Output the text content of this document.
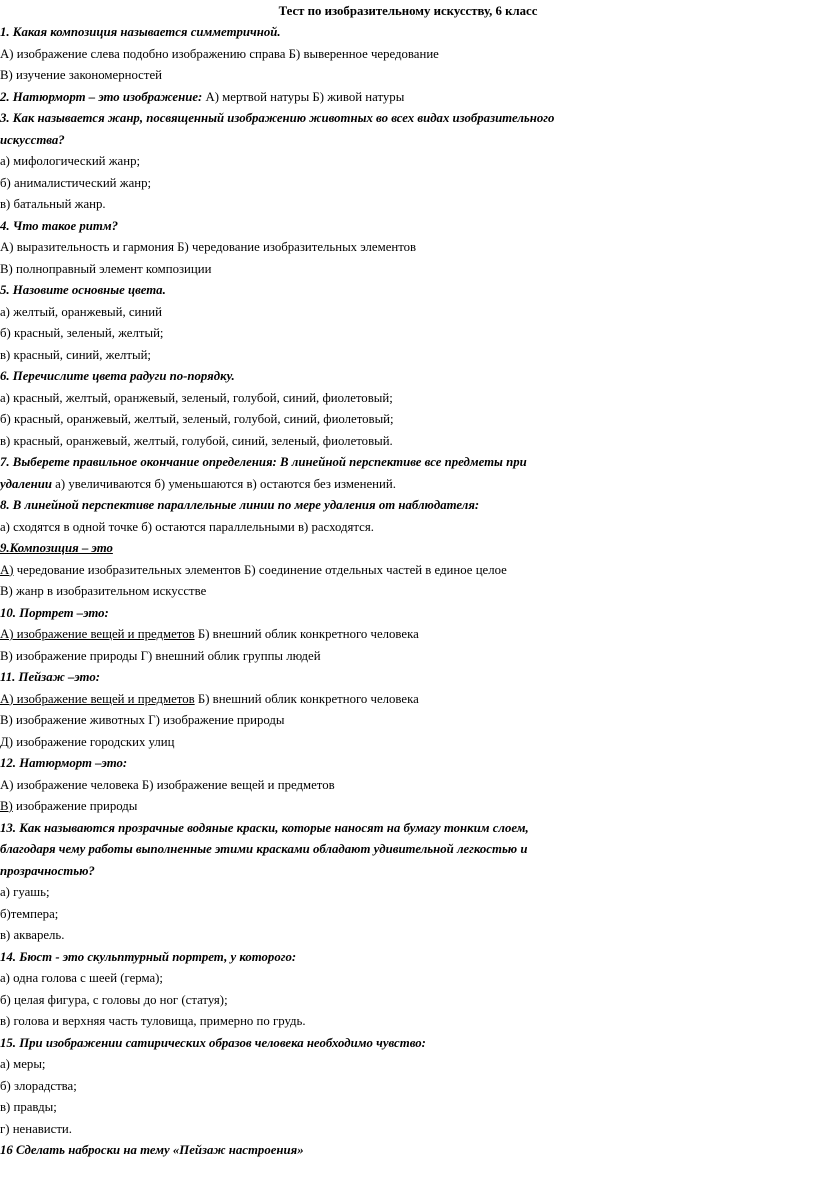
Тест по изобразительному искусству, 6 класс
1. Какая композиция называется симметричной.
А) изображение слева подобно изображению справа Б) выверенное чередование
В) изучение закономерностей
2. Натюрморт – это изображение: А) мертвой натуры Б) живой натуры
3. Как называется жанр, посвященный изображению животных во всех видах изобразительного
искусства?
а) мифологический жанр;
б) анималистический жанр;
в) батальный жанр.
4. Что такое ритм?
А) выразительность и гармония Б) чередование изобразительных элементов
В) полноправный элемент композиции
5. Назовите основные цвета.
а) желтый, оранжевый, синий
б) красный, зеленый, желтый;
в) красный, синий, желтый;
6. Перечислите цвета радуги по-порядку.
а) красный, желтый, оранжевый, зеленый, голубой, синий, фиолетовый;
б) красный, оранжевый, желтый, зеленый, голубой, синий, фиолетовый;
в) красный, оранжевый, желтый, голубой, синий, зеленый, фиолетовый.
7. Выберете правильное окончание определения: В линейной перспективе все предметы при
удалении а) увеличиваются б) уменьшаются в) остаются без изменений.
8. В линейной перспективе параллельные линии по мере удаления от наблюдателя:
а) сходятся в одной точке б) остаются параллельными в) расходятся.
9.Композиция – это
А) чередование изобразительных элементов Б) соединение отдельных частей в единое целое
В) жанр в изобразительном искусстве
10. Портрет –это:
А) изображение вещей и предметов Б) внешний облик конкретного человека
В) изображение природы Г) внешний облик группы людей
11. Пейзаж –это:
А) изображение вещей и предметов Б) внешний облик конкретного человека
В) изображение животных Г) изображение природы
Д) изображение городских улиц
12. Натюрморт –это:
А) изображение человека Б) изображение вещей и предметов
В) изображение природы
13. Как называются прозрачные водяные краски, которые наносят на бумагу тонким слоем,
благодаря чему работы выполненные этими красками обладают удивительной легкостью и
прозрачностью?
а) гуашь;
б)темпера;
в) акварель.
14. Бюст - это скульптурный портрет, у которого:
а) одна голова с шеей (герма);
б) целая фигура, с головы до ног (статуя);
в) голова и верхняя часть туловища, примерно по грудь.
15. При изображении сатирических образов человека необходимо чувство:
а) меры;
б) злорадства;
в) правды;
г) ненависти.
16 Сделать наброски на тему «Пейзаж настроения»
